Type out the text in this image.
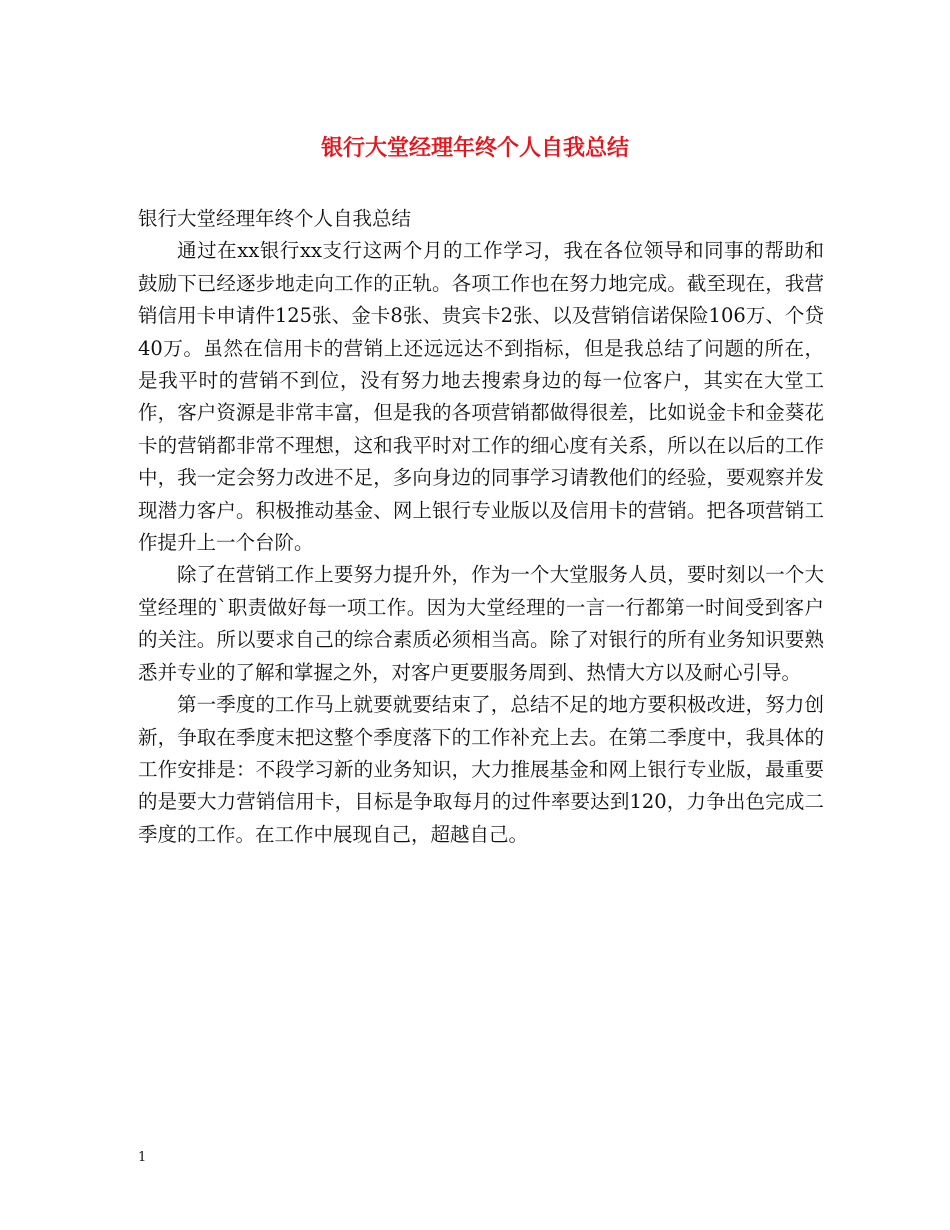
银行大堂经理年终个人自我总结

银行大堂经理年终个人自我总结

通过在xx银行xx支行这两个月的工作学习，我在各位领导和同事的帮助和鼓励下已经逐步地走向工作的正轨。各项工作也在努力地完成。截至现在，我营销信用卡申请件125张、金卡8张、贵宾卡2张、以及营销信诺保险106万、个贷40万。虽然在信用卡的营销上还远远达不到指标，但是我总结了问题的所在，是我平时的营销不到位，没有努力地去搜索身边的每一位客户，其实在大堂工作，客户资源是非常丰富，但是我的各项营销都做得很差，比如说金卡和金葵花卡的营销都非常不理想，这和我平时对工作的细心度有关系，所以在以后的工作中，我一定会努力改进不足，多向身边的同事学习请教他们的经验，要观察并发现潜力客户。积极推动基金、网上银行专业版以及信用卡的营销。把各项营销工作提升上一个台阶。

除了在营销工作上要努力提升外，作为一个大堂服务人员，要时刻以一个大堂经理的`职责做好每一项工作。因为大堂经理的一言一行都第一时间受到客户的关注。所以要求自己的综合素质必须相当高。除了对银行的所有业务知识要熟悉并专业的了解和掌握之外，对客户更要服务周到、热情大方以及耐心引导。

第一季度的工作马上就要就要结束了，总结不足的地方要积极改进，努力创新，争取在季度末把这整个季度落下的工作补充上去。在第二季度中，我具体的工作安排是：不段学习新的业务知识，大力推展基金和网上银行专业版，最重要的是要大力营销信用卡，目标是争取每月的过件率要达到120，力争出色完成二季度的工作。在工作中展现自己，超越自己。

1
